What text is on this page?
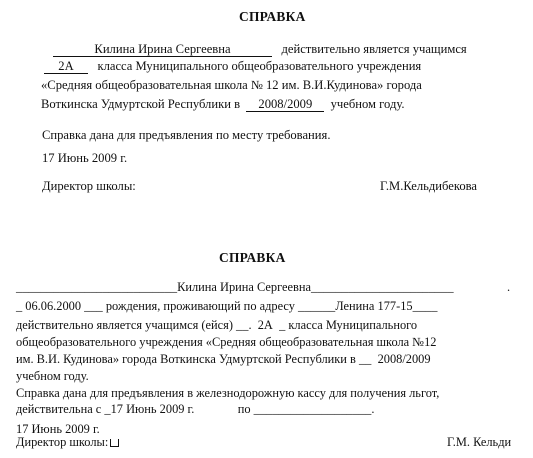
СПРАВКА
Килина Ирина Сергеевна	действительно является учащимся
2А класса Муниципального общеобразовательного учреждения
«Средняя общеобразовательная школа № 12 им. В.И.Кудинова» города
Воткинска Удмуртской Республики в 2008/2009 учебном году.
Справка дана для предъявления по месту требования.
17 Июнь 2009 г.
Директор школы:	Г.М.Кельдибекова
СПРАВКА
__________________________Килина Ирина Сергеевна_______________________	.
_ 06.06.2000 ___ рождения, проживающий по адресу ______Ленина 177-15____
действительно является учащимся (ейся) __.  2А  _ класса Муниципального
общеобразовательного учреждения «Средняя общеобразовательная школа №12
им. В.И. Кудинова» города Воткинска Удмуртской Республики в __  2008/2009
учебном году.
Справка дана для предъявления в железнодорожную кассу для получения льгот,
действительна с _17 Июнь 2009 г.              по ___________________.
17 Июнь 2009 г.
Директор школы:	Г.М. Кельди
